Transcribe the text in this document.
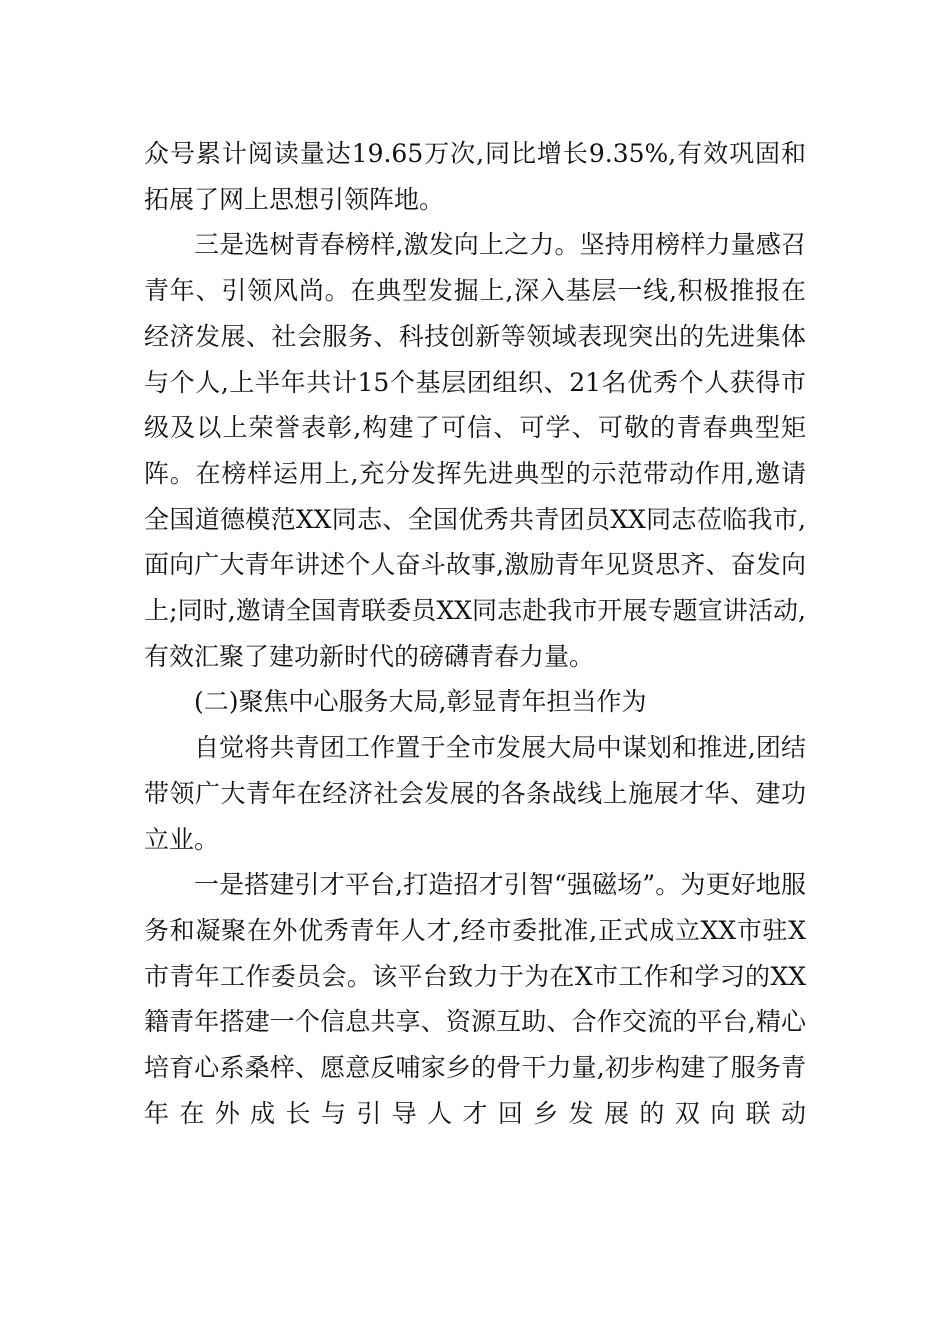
众号累计阅读量达19.65万次,同比增长9.35%,有效巩固和拓展了网上思想引领阵地。

三是选树青春榜样,激发向上之力。坚持用榜样力量感召青年、引领风尚。在典型发掘上,深入基层一线,积极推报在经济发展、社会服务、科技创新等领域表现突出的先进集体与个人,上半年共计15个基层团组织、21名优秀个人获得市级及以上荣誉表彰,构建了可信、可学、可敬的青春典型矩阵。在榜样运用上,充分发挥先进典型的示范带动作用,邀请全国道德模范XX同志、全国优秀共青团员XX同志莅临我市,面向广大青年讲述个人奋斗故事,激励青年见贤思齐、奋发向上;同时,邀请全国青联委员XX同志赴我市开展专题宣讲活动,有效汇聚了建功新时代的磅礴青春力量。

(二)聚焦中心服务大局,彰显青年担当作为

自觉将共青团工作置于全市发展大局中谋划和推进,团结带领广大青年在经济社会发展的各条战线上施展才华、建功立业。

一是搭建引才平台,打造招才引智“强磁场”。为更好地服务和凝聚在外优秀青年人才,经市委批准,正式成立XX市驻X市青年工作委员会。该平台致力于为在X市工作和学习的XX籍青年搭建一个信息共享、资源互助、合作交流的平台,精心培育心系桑梓、愿意反哺家乡的骨干力量,初步构建了服务青年在外成长与引导人才回乡发展的双向联动
